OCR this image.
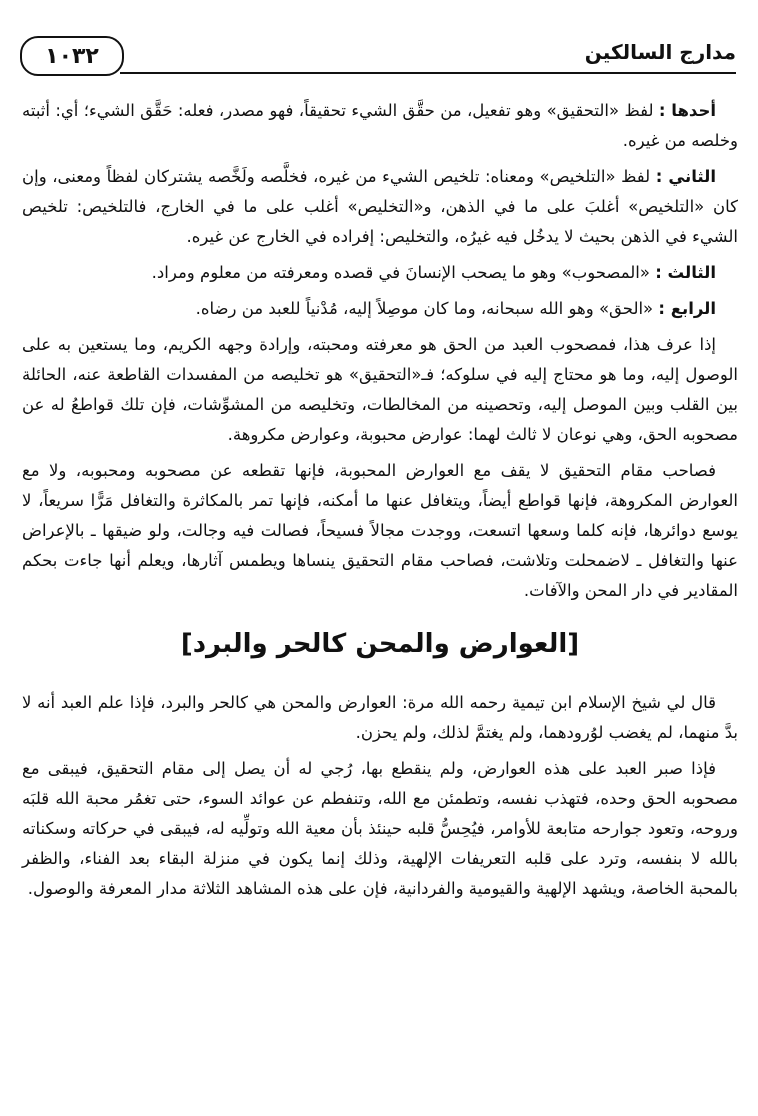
١٠٣٢	مدارج السالكين

أحدها : لفظ «التحقيق» وهو تفعيل، من حقَّق الشيء تحقيقاً، فهو مصدر، فعله: حَقَّق الشيء؛ أي: أثبته وخلصه من غيره.

الثاني : لفظ «التلخيص» ومعناه: تلخيص الشيء من غيره، فخلَّصه ولَخَّصه يشتركان لفظاً ومعنى، وإن كان «التلخيص» أغلبَ على ما في الذهن، و«التخليص» أغلب على ما في الخارج، فالتلخيص: تلخيص الشيء في الذهن بحيث لا يدخُل فيه غيرُه، والتخليص: إفراده في الخارج عن غيره.

الثالث : «المصحوب» وهو ما يصحب الإنسانَ في قصده ومعرفته من معلوم ومراد.

الرابع : «الحق» وهو الله سبحانه، وما كان موصِلاً إليه، مُدْنياً للعبد من رضاه.

إذا عرف هذا، فمصحوب العبد من الحق هو معرفته ومحبته، وإرادة وجهه الكريم، وما يستعين به على الوصول إليه، وما هو محتاج إليه في سلوكه؛ فـ«التحقيق» هو تخليصه من المفسدات القاطعة عنه، الحائلة بين القلب وبين الموصل إليه، وتحصينه من المخالطات، وتخليصه من المشوِّشات، فإن تلك قواطعُ له عن مصحوبه الحق، وهي نوعان لا ثالث لهما: عوارض محبوبة، وعوارض مكروهة.

فصاحب مقام التحقيق لا يقف مع العوارض المحبوبة، فإنها تقطعه عن مصحوبه ومحبوبه، ولا مع العوارض المكروهة، فإنها قواطع أيضاً، ويتغافل عنها ما أمكنه، فإنها تمر بالمكاثرة والتغافل مَرًّا سريعاً، لا يوسع دوائرها، فإنه كلما وسعها اتسعت، ووجدت مجالاً فسيحاً، فصالت فيه وجالت، ولو ضيقها ـ بالإعراض عنها والتغافل ـ لاضمحلت وتلاشت، فصاحب مقام التحقيق ينساها ويطمس آثارها، ويعلم أنها جاءت بحكم المقادير في دار المحن والآفات.

[العوارض والمحن كالحر والبرد]

قال لي شيخ الإسلام ابن تيمية رحمه الله مرة: العوارض والمحن هي كالحر والبرد، فإذا علم العبد أنه لا بدَّ منهما، لم يغضب لوُرودهما، ولم يغتمَّ لذلك، ولم يحزن.

فإذا صبر العبد على هذه العوارض، ولم ينقطع بها، رُجي له أن يصل إلى مقام التحقيق، فيبقى مع مصحوبه الحق وحده، فتهذب نفسه، وتطمئن مع الله، وتنفطم عن عوائد السوء، حتى تغمُر محبة الله قلبَه وروحه، وتعود جوارحه متابعة للأوامر، فيُحِسُّ قلبه حينئذ بأن معية الله وتولِّيه له، فيبقى في حركاته وسكناته بالله لا بنفسه، وترد على قلبه التعريفات الإلهية، وذلك إنما يكون في منزلة البقاء بعد الفناء، والظفر بالمحبة الخاصة، ويشهد الإلهية والقيومية والفردانية، فإن على هذه المشاهد الثلاثة مدار المعرفة والوصول.
